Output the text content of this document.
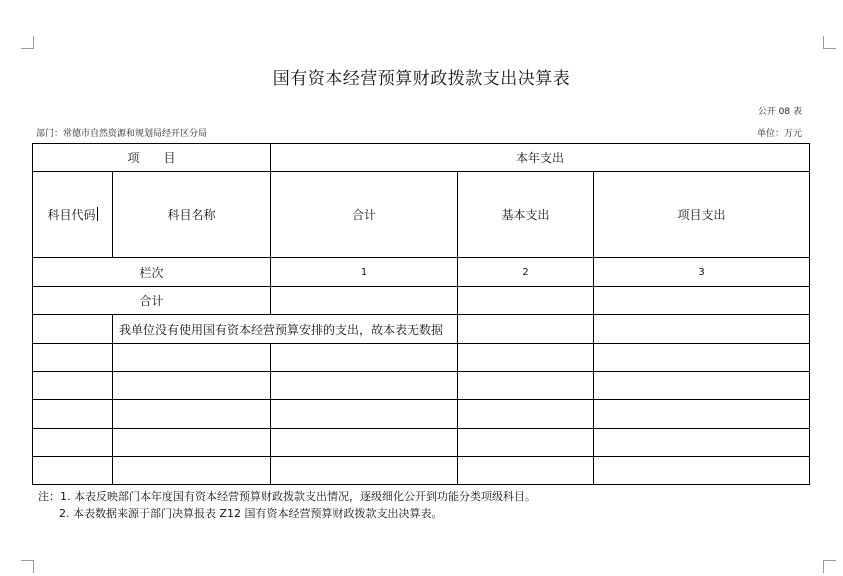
国有资本经营预算财政拨款支出决算表
公开 08 表
部门：常德市自然资源和规划局经开区分局	单位：万元
项　　目		本年支出		
科目代码	科目名称	合计	基本支出	项目支出
栏次		1	2	3
合计				
	我单位没有使用国有资本经营预算安排的支出，故本表无数据			

注：1. 本表反映部门本年度国有资本经营预算财政拨款支出情况，逐级细化公开到功能分类项级科目。
2. 本表数据来源于部门决算报表 Z12 国有资本经营预算财政拨款支出决算表。
